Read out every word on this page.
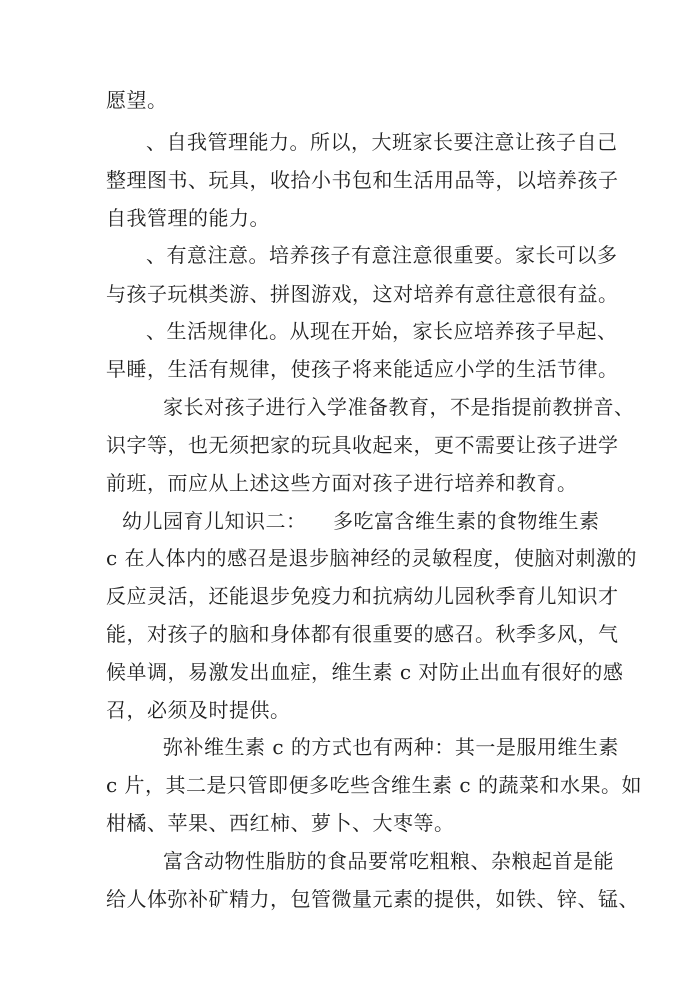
愿望。

、自我管理能力。所以，大班家长要注意让孩子自己

整理图书、玩具，收拾小书包和生活用品等，以培养孩子

自我管理的能力。

、有意注意。培养孩子有意注意很重要。家长可以多

与孩子玩棋类游、拼图游戏，这对培养有意往意很有益。

、生活规律化。从现在开始，家长应培养孩子早起、

早睡，生活有规律，使孩子将来能适应小学的生活节律。

家长对孩子进行入学准备教育，不是指提前教拼音、

识字等，也无须把家的玩具收起来，更不需要让孩子进学

前班，而应从上述这些方面对孩子进行培养和教育。

幼儿园育儿知识二： 多吃富含维生素的食物维生素

c 在人体内的感召是退步脑神经的灵敏程度，使脑对刺激的

反应灵活，还能退步免疫力和抗病幼儿园秋季育儿知识才

能，对孩子的脑和身体都有很重要的感召。秋季多风，气

候单调，易激发出血症，维生素 c 对防止出血有很好的感

召，必须及时提供。

弥补维生素 c 的方式也有两种：其一是服用维生素

c 片，其二是只管即便多吃些含维生素 c 的蔬菜和水果。如

柑橘、苹果、西红柿、萝卜、大枣等。

富含动物性脂肪的食品要常吃粗粮、杂粮起首是能

给人体弥补矿精力，包管微量元素的提供，如铁、锌、锰、
